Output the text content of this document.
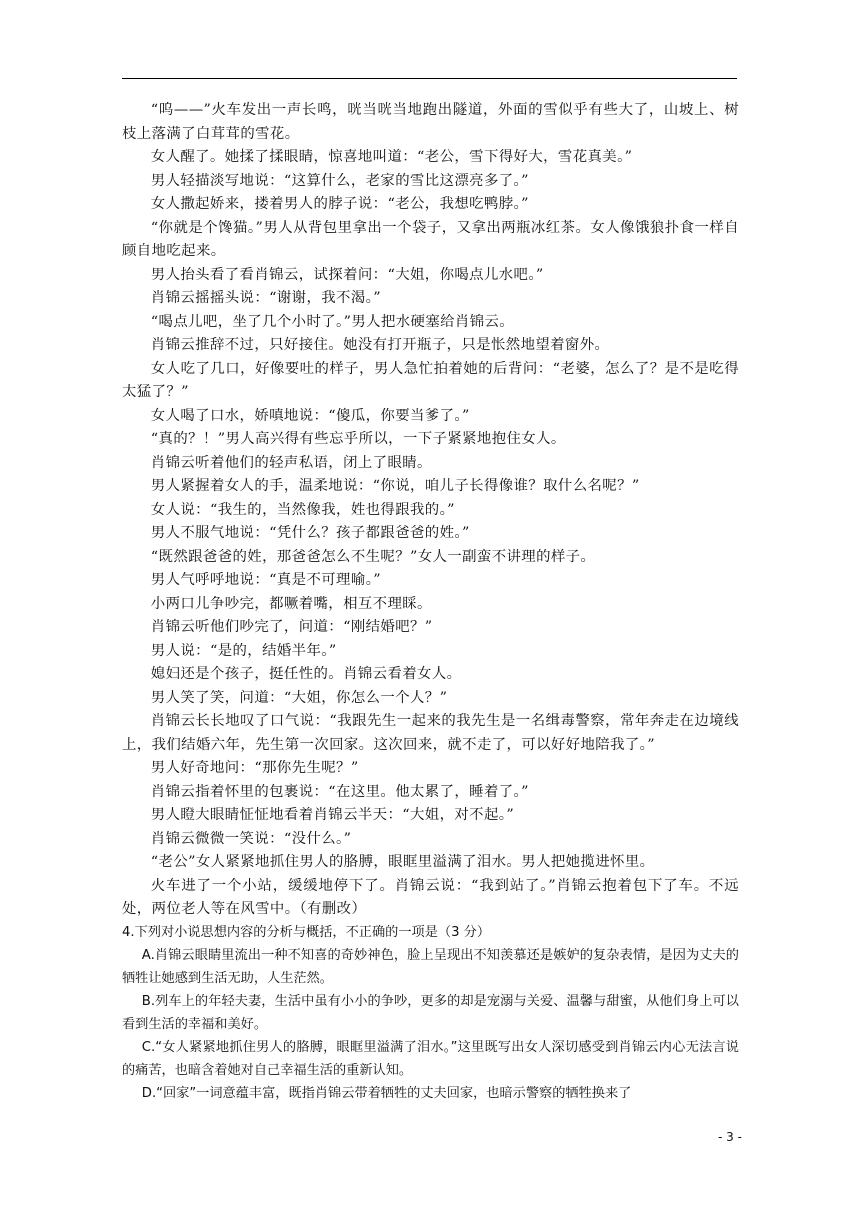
“呜——”火车发出一声长鸣，咣当咣当地跑出隧道，外面的雪似乎有些大了，山坡上、树枝上落满了白茸茸的雪花。

女人醒了。她揉了揉眼睛，惊喜地叫道：“老公，雪下得好大，雪花真美。”

男人轻描淡写地说：“这算什么，老家的雪比这漂亮多了。”

女人撒起娇来，搂着男人的脖子说：“老公，我想吃鸭脖。”

“你就是个馋猫。”男人从背包里拿出一个袋子，又拿出两瓶冰红茶。女人像饿狼扑食一样自顾自地吃起来。

男人抬头看了看肖锦云，试探着问：“大姐，你喝点儿水吧。”

肖锦云摇摇头说：“谢谢，我不渴。”

“喝点儿吧，坐了几个小时了。”男人把水硬塞给肖锦云。

肖锦云推辞不过，只好接住。她没有打开瓶子，只是怅然地望着窗外。

女人吃了几口，好像要吐的样子，男人急忙拍着她的后背问：“老婆，怎么了？是不是吃得太猛了？”

女人喝了口水，娇嗔地说：“傻瓜，你要当爹了。”

“真的？！”男人高兴得有些忘乎所以，一下子紧紧地抱住女人。

肖锦云听着他们的轻声私语，闭上了眼睛。

男人紧握着女人的手，温柔地说：“你说，咱儿子长得像谁？取什么名呢？”

女人说：“我生的，当然像我，姓也得跟我的。”

男人不服气地说：“凭什么？孩子都跟爸爸的姓。”

“既然跟爸爸的姓，那爸爸怎么不生呢？”女人一副蛮不讲理的样子。

男人气呼呼地说：“真是不可理喻。”

小两口儿争吵完，都噘着嘴，相互不理睬。

肖锦云听他们吵完了，问道：“刚结婚吧？”

男人说：“是的，结婚半年。”

媳妇还是个孩子，挺任性的。肖锦云看着女人。

男人笑了笑，问道：“大姐，你怎么一个人？”

肖锦云长长地叹了口气说：“我跟先生一起来的我先生是一名缉毒警察，常年奔走在边境线上，我们结婚六年，先生第一次回家。这次回来，就不走了，可以好好地陪我了。”

男人好奇地问：“那你先生呢？”

肖锦云指着怀里的包裹说：“在这里。他太累了，睡着了。”

男人瞪大眼睛怔怔地看着肖锦云半天：“大姐，对不起。”

肖锦云微微一笑说：“没什么。”

“老公”女人紧紧地抓住男人的胳膊，眼眶里溢满了泪水。男人把她揽进怀里。

火车进了一个小站，缓缓地停下了。肖锦云说：“我到站了。”肖锦云抱着包下了车。不远处，两位老人等在风雪中。（有删改）

4.下列对小说思想内容的分析与概括，不正确的一项是（3 分）

A.肖锦云眼睛里流出一种不知喜的奇妙神色，脸上呈现出不知羡慕还是嫉妒的复杂表情，是因为丈夫的牺牲让她感到生活无助，人生茫然。

B.列车上的年轻夫妻，生活中虽有小小的争吵，更多的却是宠溺与关爱、温馨与甜蜜，从他们身上可以看到生活的幸福和美好。

C.“女人紧紧地抓住男人的胳膊，眼眶里溢满了泪水。”这里既写出女人深切感受到肖锦云内心无法言说的痛苦，也暗含着她对自己幸福生活的重新认知。

D.“回家”一词意蕴丰富，既指肖锦云带着牺牲的丈夫回家，也暗示警察的牺牲换来了

- 3 -
